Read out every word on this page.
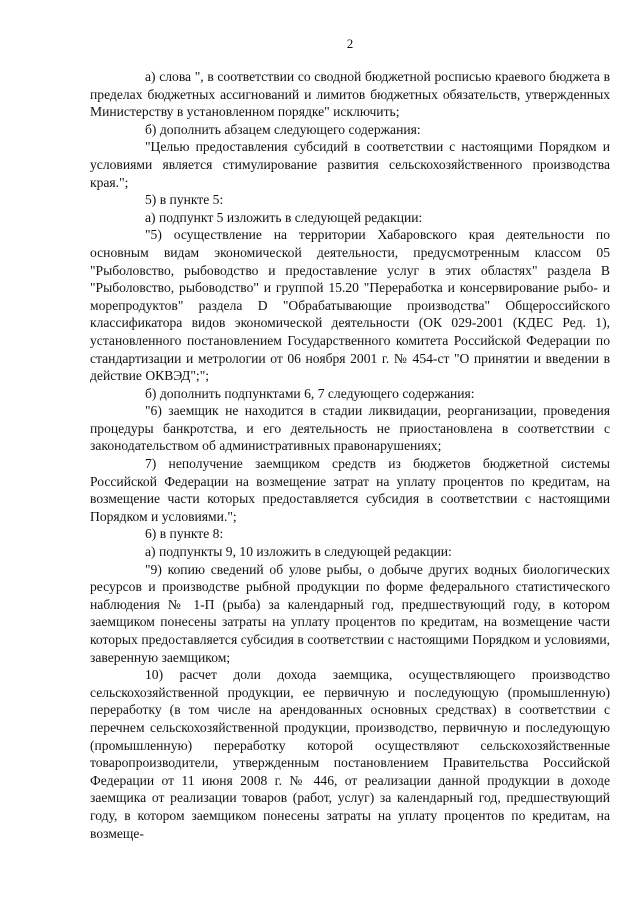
2

а) слова ", в соответствии со сводной бюджетной росписью краевого бюджета в пределах бюджетных ассигнований и лимитов бюджетных обязательств, утвержденных Министерству в установленном порядке" исключить;

б) дополнить абзацем следующего содержания:

"Целью предоставления субсидий в соответствии с настоящими Порядком и условиями является стимулирование развития сельскохозяйственного производства края.";

5) в пункте 5:

а) подпункт 5 изложить в следующей редакции:

"5) осуществление на территории Хабаровского края деятельности по основным видам экономической деятельности, предусмотренным классом 05 "Рыболовство, рыбоводство и предоставление услуг в этих областях" раздела В "Рыболовство, рыбоводство" и группой 15.20 "Переработка и консервирование рыбо- и морепродуктов" раздела D "Обрабатывающие производства" Общероссийского классификатора видов экономической деятельности (ОК 029-2001 (КДЕС Ред. 1), установленного постановлением Государственного комитета Российской Федерации по стандартизации и метрологии от 06 ноября 2001 г. № 454-ст "О принятии и введении в действие ОКВЭД";";

б) дополнить подпунктами 6, 7 следующего содержания:

"6) заемщик не находится в стадии ликвидации, реорганизации, проведения процедуры банкротства, и его деятельность не приостановлена в соответствии с законодательством об административных правонарушениях;

7) неполучение заемщиком средств из бюджетов бюджетной системы Российской Федерации на возмещение затрат на уплату процентов по кредитам, на возмещение части которых предоставляется субсидия в соответствии с настоящими Порядком и условиями.";

6) в пункте 8:

а) подпункты 9, 10 изложить в следующей редакции:

"9) копию сведений об улове рыбы, о добыче других водных биологических ресурсов и производстве рыбной продукции по форме федерального статистического наблюдения № 1-П (рыба) за календарный год, предшествующий году, в котором заемщиком понесены затраты на уплату процентов по кредитам, на возмещение части которых предоставляется субсидия в соответствии с настоящими Порядком и условиями, заверенную заемщиком;

10) расчет доли дохода заемщика, осуществляющего производство сельскохозяйственной продукции, ее первичную и последующую (промышленную) переработку (в том числе на арендованных основных средствах) в соответствии с перечнем сельскохозяйственной продукции, производство, первичную и последующую (промышленную) переработку которой осуществляют сельскохозяйственные товаропроизводители, утвержденным постановлением Правительства Российской Федерации от 11 июня 2008 г. № 446, от реализации данной продукции в доходе заемщика от реализации товаров (работ, услуг) за календарный год, предшествующий году, в котором заемщиком понесены затраты на уплату процентов по кредитам, на возмеще-
